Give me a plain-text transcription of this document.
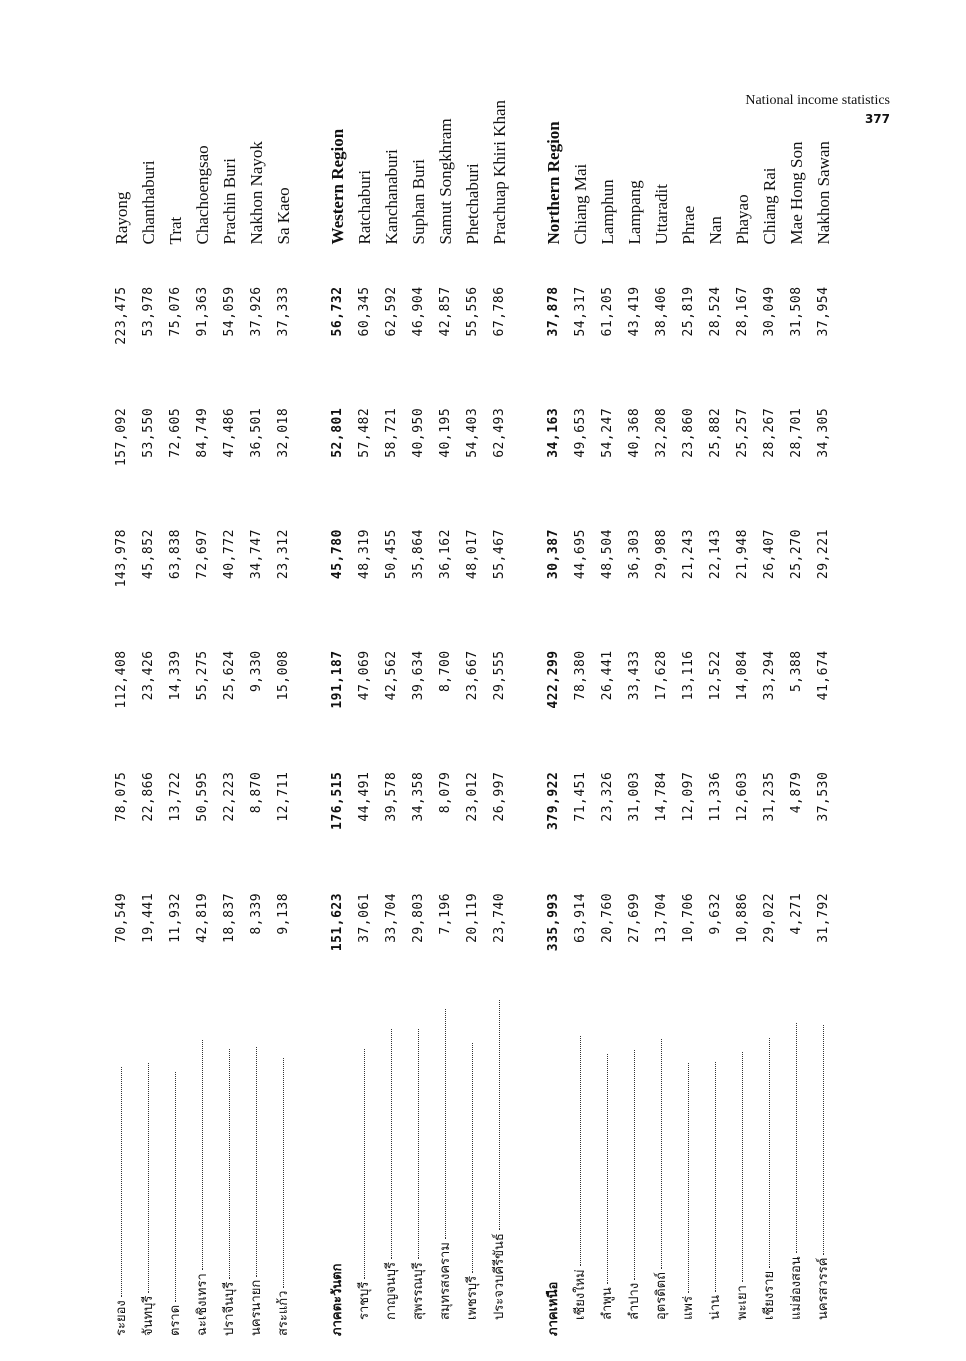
National income statistics
377
ระยอง	70,549	78,075	112,408	143,978	157,092	223,475	Rayong
จันทบุรี	19,441	22,866	23,426	45,852	53,550	53,978	Chanthaburi
ตราด	11,932	13,722	14,339	63,838	72,605	75,076	Trat
ฉะเชิงเทรา	42,819	50,595	55,275	72,697	84,749	91,363	Chachoengsao
ปราจีนบุรี	18,837	22,223	25,624	40,772	47,486	54,059	Prachin Buri
นครนายก	8,339	8,870	9,330	34,747	36,501	37,926	Nakhon Nayok
สระแก้ว	9,138	12,711	15,008	23,312	32,018	37,333	Sa Kaeo

ภาคตะวันตก	151,623	176,515	191,187	45,780	52,801	56,732	Western Region
ราชบุรี	37,061	44,491	47,069	48,319	57,482	60,345	Ratchaburi
กาญจนบุรี	33,704	39,578	42,562	50,455	58,721	62,592	Kanchanaburi
สุพรรณบุรี	29,803	34,358	39,634	35,864	40,950	46,904	Suphan Buri
สมุทรสงคราม	7,196	8,079	8,700	36,162	40,195	42,857	Samut Songkhram
เพชรบุรี	20,119	23,012	23,667	48,017	54,403	55,556	Phetchaburi
ประจวบคีรีขันธ์	23,740	26,997	29,555	55,467	62,493	67,786	Prachuap Khiri Khan

ภาคเหนือ	335,993	379,922	422,299	30,387	34,163	37,878	Northern Region
เชียงใหม่	63,914	71,451	78,380	44,695	49,653	54,317	Chiang Mai
ลำพูน	20,760	23,326	26,441	48,504	54,247	61,205	Lamphun
ลำปาง	27,699	31,003	33,433	36,303	40,368	43,419	Lampang
อุตรดิตถ์	13,704	14,784	17,628	29,988	32,208	38,406	Uttaradit
แพร่	10,706	12,097	13,116	21,243	23,860	25,819	Phrae
น่าน	9,632	11,336	12,522	22,143	25,882	28,524	Nan
พะเยา	10,886	12,603	14,084	21,948	25,257	28,167	Phayao
เชียงราย	29,022	31,235	33,294	26,407	28,267	30,049	Chiang Rai
แม่ฮ่องสอน	4,271	4,879	5,388	25,270	28,701	31,508	Mae Hong Son
นครสวรรค์	31,792	37,530	41,674	29,221	34,305	37,954	Nakhon Sawan
